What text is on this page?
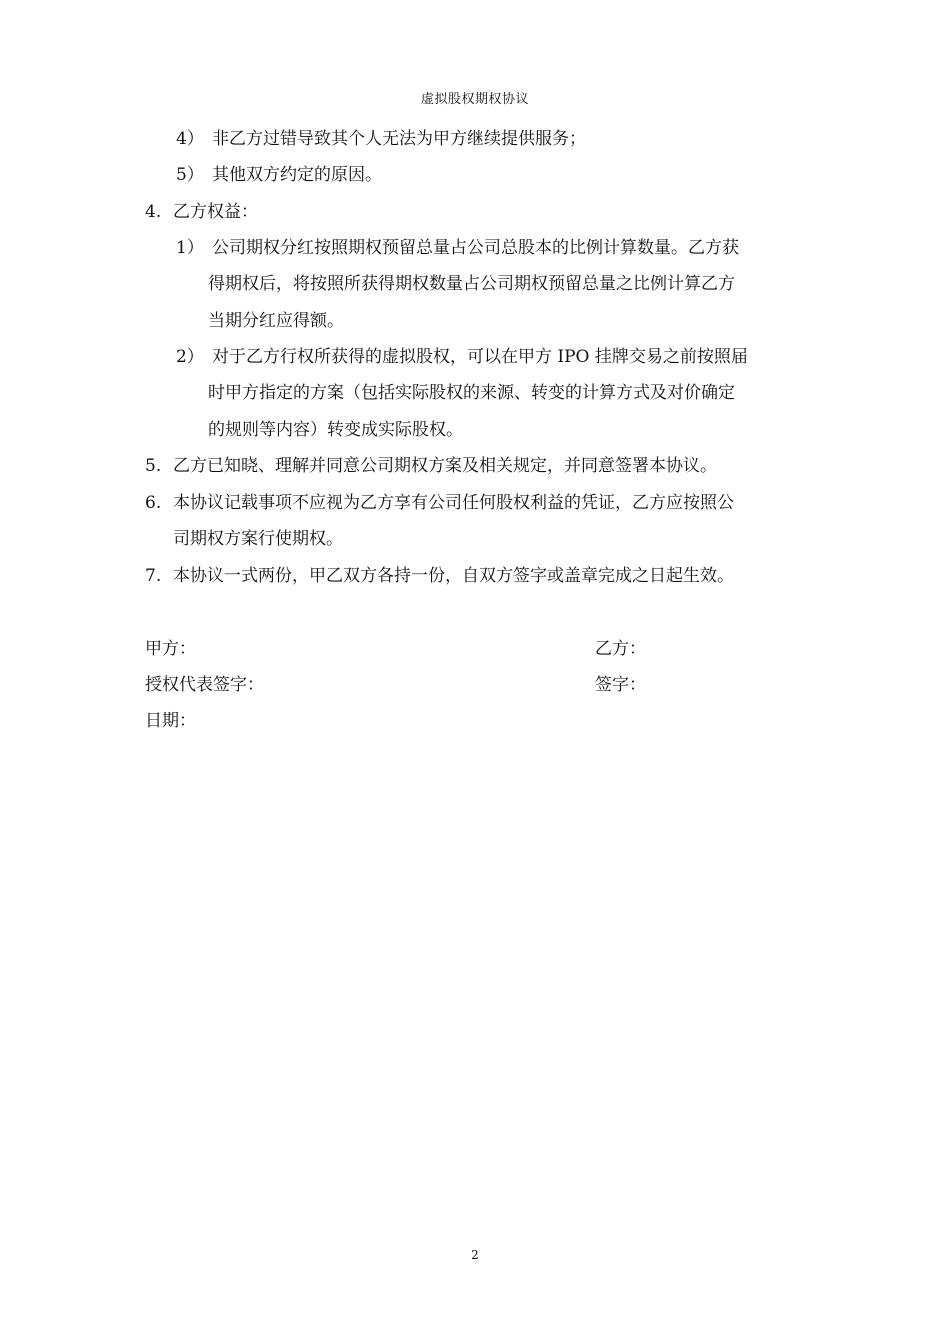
虚拟股权期权协议
4） 非乙方过错导致其个人无法为甲方继续提供服务；
5） 其他双方约定的原因。
4. 乙方权益：
1） 公司期权分红按照期权预留总量占公司总股本的比例计算数量。乙方获
得期权后，将按照所获得期权数量占公司期权预留总量之比例计算乙方
当期分红应得额。
2） 对于乙方行权所获得的虚拟股权，可以在甲方 IPO 挂牌交易之前按照届
时甲方指定的方案（包括实际股权的来源、转变的计算方式及对价确定
的规则等内容）转变成实际股权。
5. 乙方已知晓、理解并同意公司期权方案及相关规定，并同意签署本协议。
6. 本协议记载事项不应视为乙方享有公司任何股权利益的凭证，乙方应按照公
司期权方案行使期权。
7. 本协议一式两份，甲乙双方各持一份，自双方签字或盖章完成之日起生效。
甲方：	乙方：
授权代表签字：	签字：
日期：
2
